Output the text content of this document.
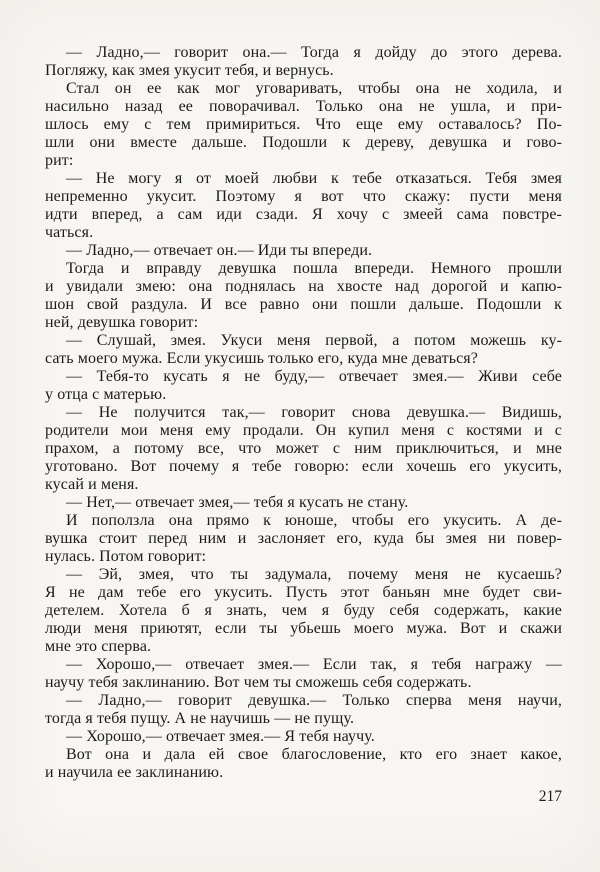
— Ладно,— говорит она.— Тогда я дойду до этого дерева.
Погляжу, как змея укусит тебя, и вернусь.
Стал он ее как мог уговаривать, чтобы она не ходила, и
насильно назад ее поворачивал. Только она не ушла, и при-
шлось ему с тем примириться. Что еще ему оставалось? По-
шли они вместе дальше. Подошли к дереву, девушка и гово-
рит:
— Не могу я от моей любви к тебе отказаться. Тебя змея
непременно укусит. Поэтому я вот что скажу: пусти меня
идти вперед, а сам иди сзади. Я хочу с змеей сама повстре-
чаться.
— Ладно,— отвечает он.— Иди ты впереди.
Тогда и вправду девушка пошла впереди. Немного прошли
и увидали змею: она поднялась на хвосте над дорогой и капю-
шон свой раздула. И все равно они пошли дальше. Подошли к
ней, девушка говорит:
— Слушай, змея. Укуси меня первой, а потом можешь ку-
сать моего мужа. Если укусишь только его, куда мне деваться?
— Тебя-то кусать я не буду,— отвечает змея.— Живи себе
у отца с матерью.
— Не получится так,— говорит снова девушка.— Видишь,
родители мои меня ему продали. Он купил меня с костями и с
прахом, а потому все, что может с ним приключиться, и мне
уготовано. Вот почему я тебе говорю: если хочешь его укусить,
кусай и меня.
— Нет,— отвечает змея,— тебя я кусать не стану.
И поползла она прямо к юноше, чтобы его укусить. А де-
вушка стоит перед ним и заслоняет его, куда бы змея ни повер-
нулась. Потом говорит:
— Эй, змея, что ты задумала, почему меня не кусаешь?
Я не дам тебе его укусить. Пусть этот баньян мне будет сви-
детелем. Хотела б я знать, чем я буду себя содержать, какие
люди меня приютят, если ты убьешь моего мужа. Вот и скажи
мне это сперва.
— Хорошо,— отвечает змея.— Если так, я тебя награжу —
научу тебя заклинанию. Вот чем ты сможешь себя содержать.
— Ладно,— говорит девушка.— Только сперва меня научи,
тогда я тебя пущу. А не научишь — не пущу.
— Хорошо,— отвечает змея.— Я тебя научу.
Вот она и дала ей свое благословение, кто его знает какое,
и научила ее заклинанию.
217
